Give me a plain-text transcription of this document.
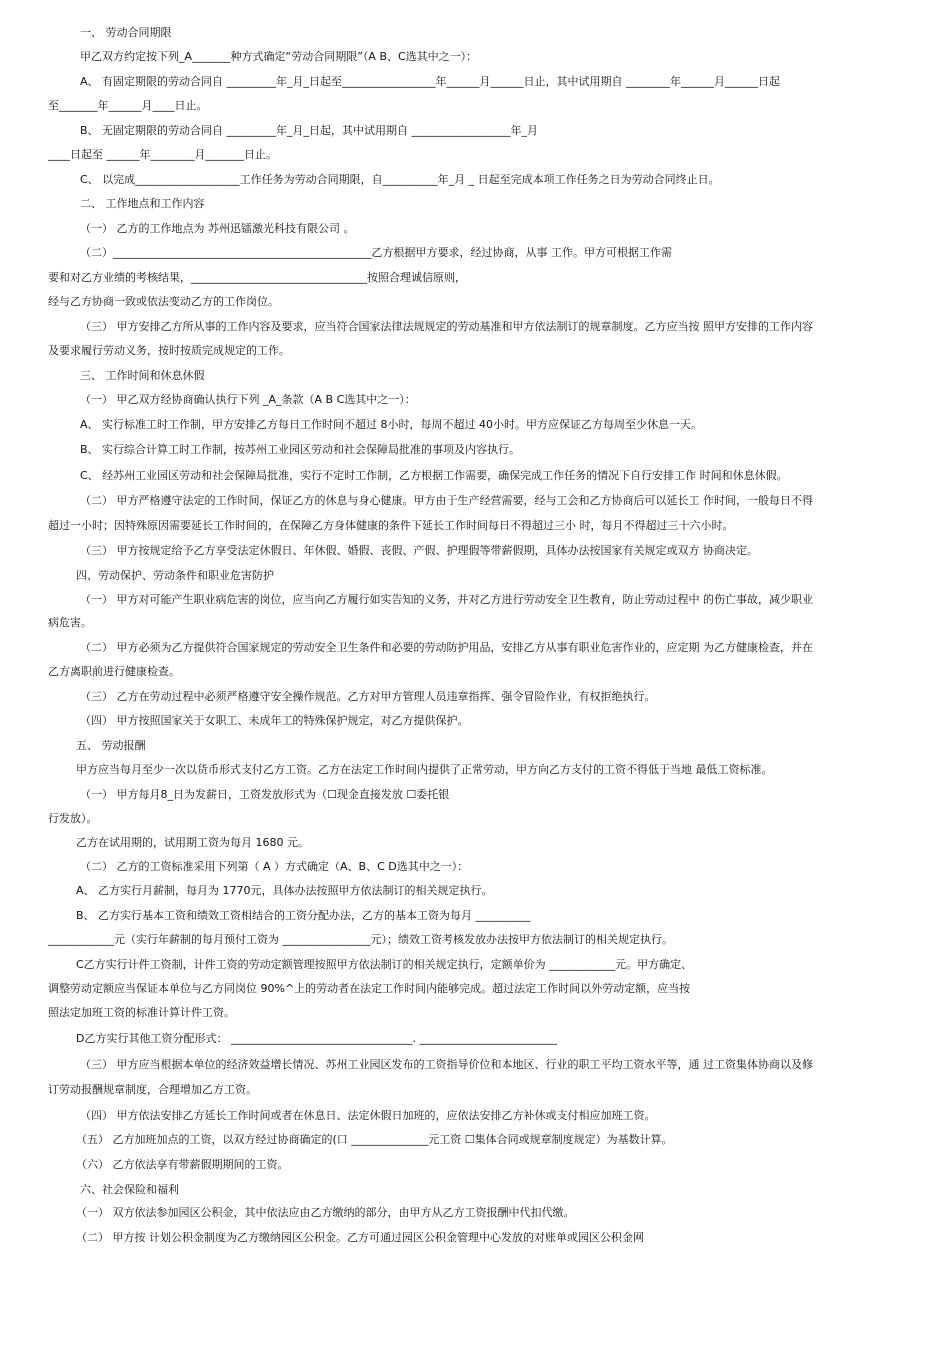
一、 劳动合同期限
甲乙双方约定按下列_A_______种方式确定“劳动合同期限”（A B、C选其中之一）：
A、 有固定期限的劳动合同自 _________年_月_日起至_________________年______月______日止，其中试用期自 ________年______月______日起
至_______年______月____日止。
B、 无固定期限的劳动合同自 _________年_月_日起，其中试用期自 __________________年_月
____日起至 ______年________月_______日止。
C、 以完成___________________工作任务为劳动合同期限，自__________年_月 _ 日起至完成本项工作任务之日为劳动合同终止日。
二、 工作地点和工作内容
（一） 乙方的工作地点为 苏州迅镭激光科技有限公司 。
（二）_______________________________________________乙方根据甲方要求，经过协商，从事 工作。甲方可根据工作需
要和对乙方业绩的考核结果，________________________________按照合理诚信原则，
经与乙方协商一致或依法变动乙方的工作岗位。
（三） 甲方安排乙方所从事的工作内容及要求，应当符合国家法律法规规定的劳动基准和甲方依法制订的规章制度。乙方应当按 照甲方安排的工作内容
及要求履行劳动义务，按时按质完成规定的工作。
三、 工作时间和休息休假
（一） 甲乙双方经协商确认执行下列 _A_条款（A B C选其中之一）：
A、 实行标准工时工作制，甲方安排乙方每日工作时间不超过 8小时，每周不超过 40小时。甲方应保证乙方每周至少休息一天。
B、 实行综合计算工时工作制，按苏州工业园区劳动和社会保障局批准的事项及内容执行。
C、 经苏州工业园区劳动和社会保障局批准，实行不定时工作制，乙方根据工作需要，确保完成工作任务的情况下自行安排工作 时间和休息休假。
（二） 甲方严格遵守法定的工作时间，保证乙方的休息与身心健康。甲方由于生产经营需要，经与工会和乙方协商后可以延长工 作时间，一般每日不得
超过一小时；因特殊原因需要延长工作时间的，在保障乙方身体健康的条件下延长工作时间每日不得超过三小 时，每月不得超过三十六小时。
（三） 甲方按规定给予乙方享受法定休假日、年休假、婚假、丧假、产假、护理假等带薪假期，具体办法按国家有关规定或双方 协商决定。
四、劳动保护、劳动条件和职业危害防护
（一） 甲方对可能产生职业病危害的岗位，应当向乙方履行如实告知的义务，并对乙方进行劳动安全卫生教育，防止劳动过程中 的伤亡事故，减少职业
病危害。
（二） 甲方必须为乙方提供符合国家规定的劳动安全卫生条件和必要的劳动防护用品，安排乙方从事有职业危害作业的，应定期 为乙方健康检查，并在
乙方离职前进行健康检查。
（三） 乙方在劳动过程中必须严格遵守安全操作规范。乙方对甲方管理人员违章指挥、强令冒险作业，有权拒绝执行。
（四） 甲方按照国家关于女职工、未成年工的特殊保护规定，对乙方提供保护。
五、 劳动报酬
甲方应当每月至少一次以货币形式支付乙方工资。乙方在法定工作时间内提供了正常劳动，甲方向乙方支付的工资不得低于当地 最低工资标准。
（一） 甲方每月8_日为发薪日，工资发放形式为（☐现金直接发放 ☐委托银
行发放）。
乙方在试用期的，试用期工资为每月 1680 元。
（二） 乙方的工资标准采用下列第（ A ）方式确定（A、B、C D选其中之一）：
A、 乙方实行月薪制，每月为 1770元，具体办法按照甲方依法制订的相关规定执行。
B、 乙方实行基本工资和绩效工资相结合的工资分配办法，乙方的基本工资为每月 __________
____________元（实行年薪制的每月预付工资为 ________________元）；绩效工资考核发放办法按甲方依法制订的相关规定执行。
C乙方实行计件工资制，计件工资的劳动定额管理按照甲方依法制订的相关规定执行，定额单价为 ____________元。甲方确定、
调整劳动定额应当保证本单位与乙方同岗位 90%^上的劳动者在法定工作时间内能够完成。超过法定工作时间以外劳动定额，应当按
照法定加班工资的标准计算计件工资。
D乙方实行其他工资分配形式： _________________________________. _________________________
（三） 甲方应当根据本单位的经济效益增长情况、苏州工业园区发布的工资指导价位和本地区、行业的职工平均工资水平等，通 过工资集体协商以及修
订劳动报酬规章制度，合理增加乙方工资。
（四） 甲方依法安排乙方延长工作时间或者在休息日、法定休假日加班的，应依法安排乙方补休或支付相应加班工资。
（五） 乙方加班加点的工资，以双方经过协商确定的(口 ______________元工资 ☐集体合同或规章制度规定）为基数计算。
（六） 乙方依法享有带薪假期期间的工资。
六、社会保险和福利
（一） 双方依法参加园区公积金，其中依法应由乙方缴纳的部分，由甲方从乙方工资报酬中代扣代缴。
（二） 甲方按 计划公积金制度为乙方缴纳园区公积金。乙方可通过园区公积金管理中心发放的对账单或园区公积金网
